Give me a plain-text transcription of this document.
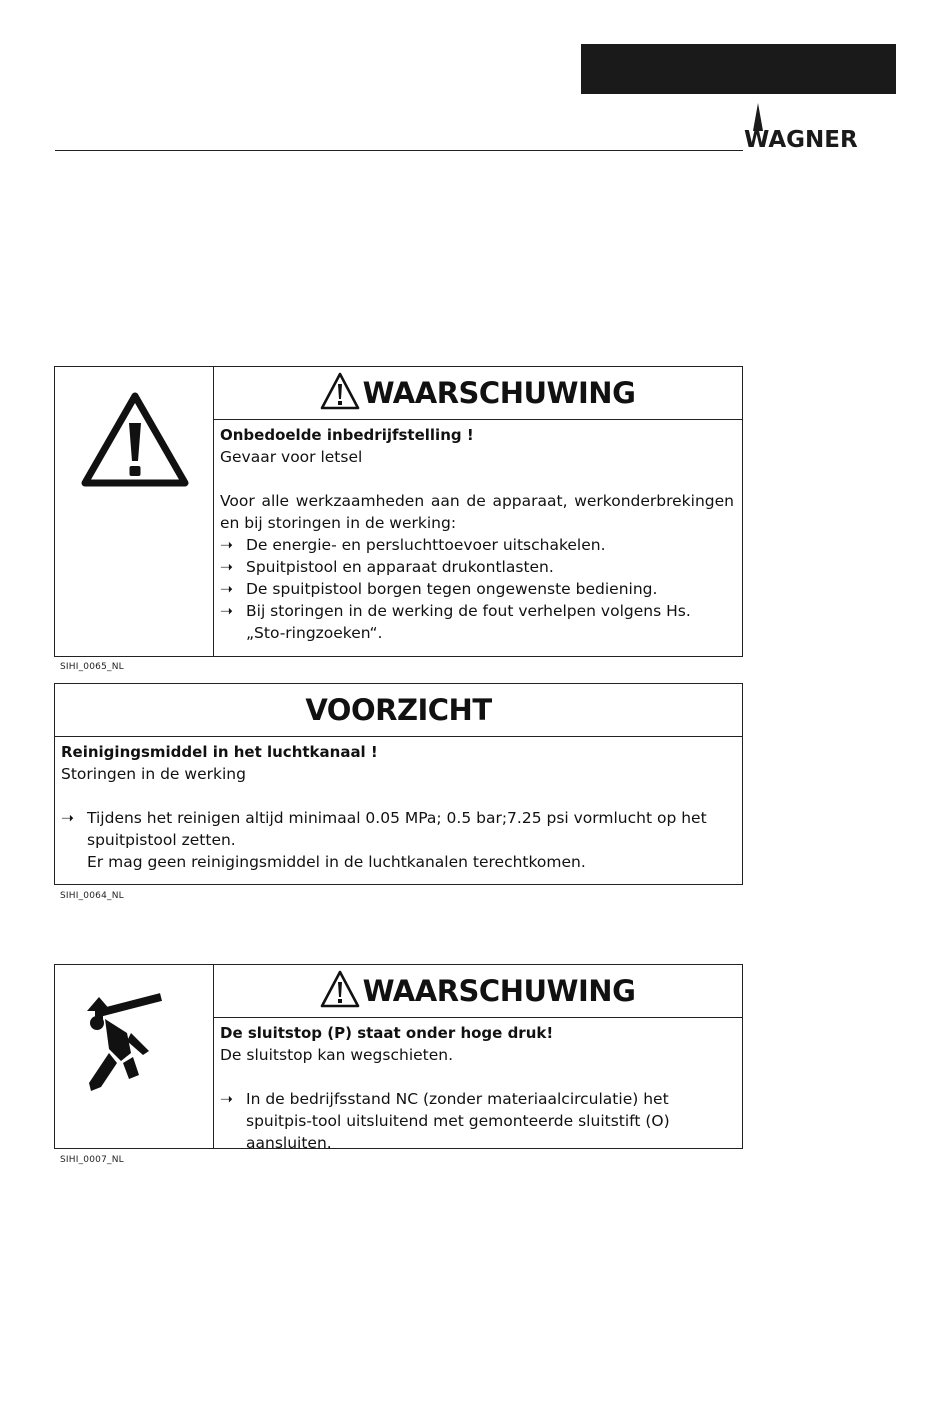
WAGNER
WAARSCHUWING

Onbedoelde inbedrijfstelling !

Gevaar voor letsel

Voor alle werkzaamheden aan de apparaat, werkonderbrekingen en bij storingen in de werking:

➝ De energie- en persluchttoevoer uitschakelen.
➝ Spuitpistool en apparaat drukontlasten.
➝ De spuitpistool borgen tegen ongewenste bediening.
➝ Bij storingen in de werking de fout verhelpen volgens Hs. „Sto-ringzoeken“.
SIHI_0065_NL
VOORZICHT

Reinigingsmiddel in het luchtkanaal !

Storingen in de werking

➝ Tijdens het reinigen altijd minimaal 0.05 MPa; 0.5 bar;7.25 psi vormlucht op het spuitpistool zetten.
Er mag geen reinigingsmiddel in de luchtkanalen terechtkomen.
SIHI_0064_NL
WAARSCHUWING

De sluitstop (P) staat onder hoge druk!

De sluitstop kan wegschieten.

➝ In de bedrijfsstand NC (zonder materiaalcirculatie) het spuitpis-tool uitsluitend met gemonteerde sluitstift (O) aansluiten.
SIHI_0007_NL
